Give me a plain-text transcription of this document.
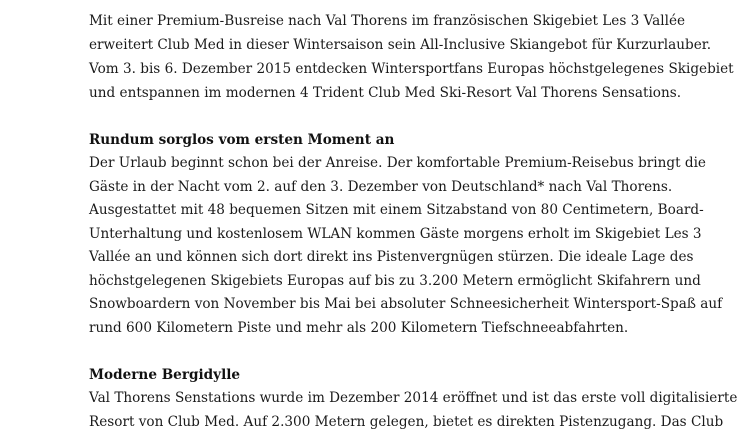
Mit einer Premium-Busreise nach Val Thorens im französischen Skigebiet Les 3 Vallée

erweitert Club Med in dieser Wintersaison sein All-Inclusive Skiangebot für Kurzurlauber.

Vom 3. bis 6. Dezember 2015 entdecken Wintersportfans Europas höchstgelegenes Skigebiet

und entspannen im modernen 4 Trident Club Med Ski-Resort Val Thorens Sensations.

Rundum sorglos vom ersten Moment an

Der Urlaub beginnt schon bei der Anreise. Der komfortable Premium-Reisebus bringt die

Gäste in der Nacht vom 2. auf den 3. Dezember von Deutschland* nach Val Thorens.

Ausgestattet mit 48 bequemen Sitzen mit einem Sitzabstand von 80 Centimetern, Board-

Unterhaltung und kostenlosem WLAN kommen Gäste morgens erholt im Skigebiet Les 3

Vallée an und können sich dort direkt ins Pistenvergnügen stürzen. Die ideale Lage des

höchstgelegenen Skigebiets Europas auf bis zu 3.200 Metern ermöglicht Skifahrern und

Snowboardern von November bis Mai bei absoluter Schneesicherheit Wintersport-Spaß auf

rund 600 Kilometern Piste und mehr als 200 Kilometern Tiefschneeabfahrten.

Moderne Bergidylle

Val Thorens Senstations wurde im Dezember 2014 eröffnet und ist das erste voll digitalisierte

Resort von Club Med. Auf 2.300 Metern gelegen, bietet es direkten Pistenzugang. Das Club
